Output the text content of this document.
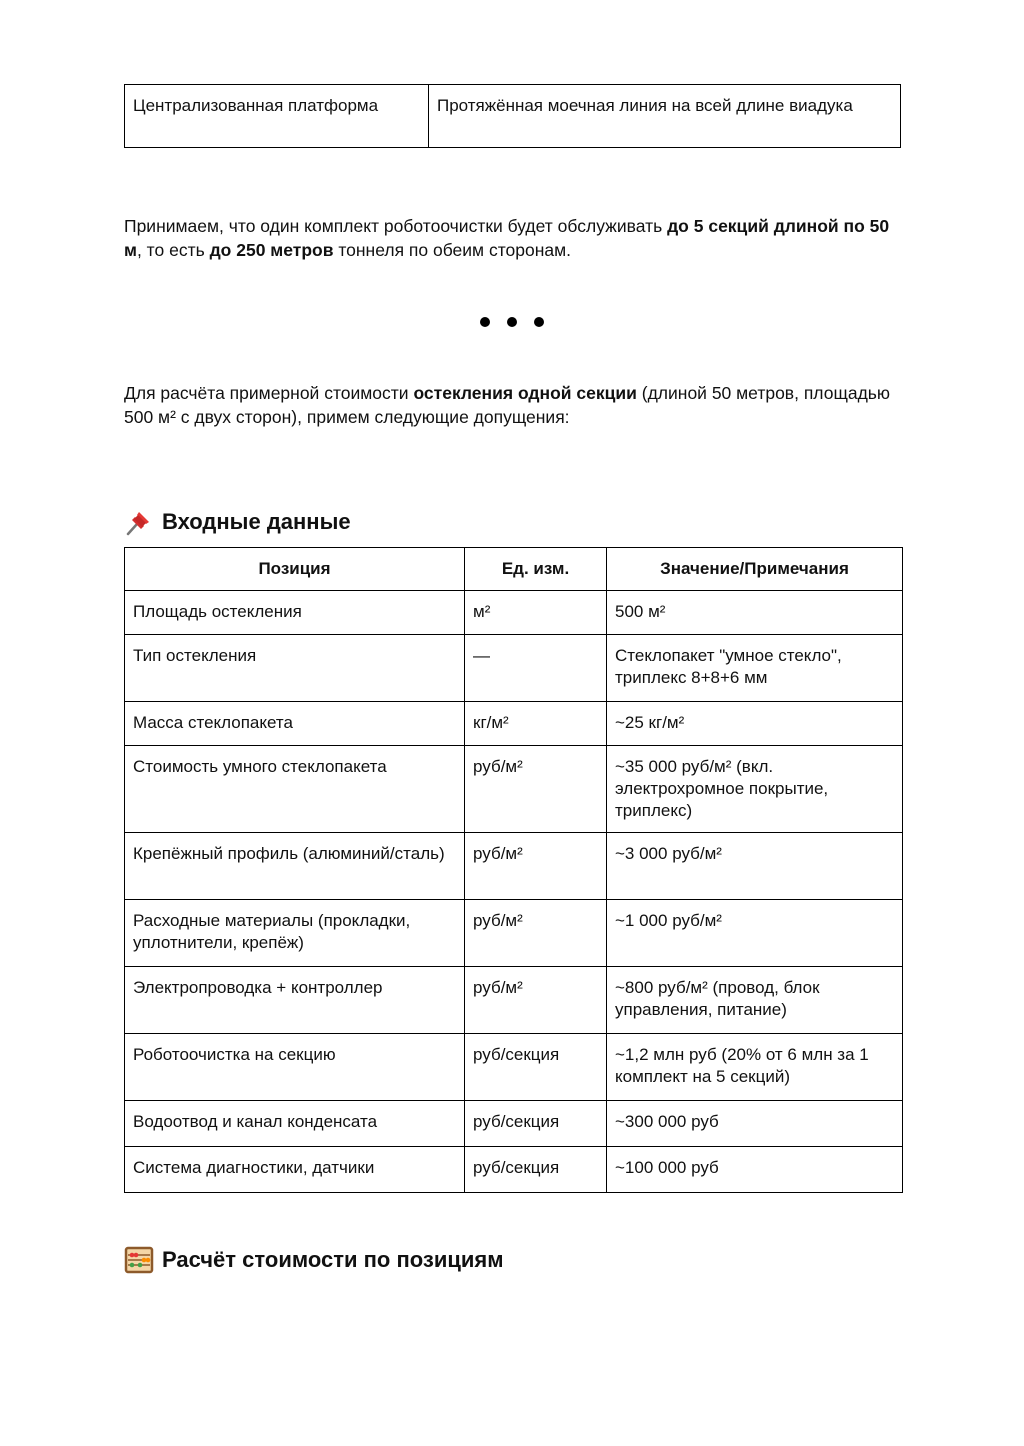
Централизованная платформа	Протяжённая моечная линия на всей длине виадука

Принимаем, что один комплект роботоочистки будет обслуживать до 5 секций длиной по 50 м, то есть до 250 метров тоннеля по обеим сторонам.

Для расчёта примерной стоимости остекления одной секции (длиной 50 метров, площадью 500 м² с двух сторон), примем следующие допущения:

Входные данные
Позиция	Ед. изм.	Значение/Примечания
Площадь остекления	м²	500 м²
Тип остекления	—	Стеклопакет "умное стекло", триплекс 8+8+6 мм
Масса стеклопакета	кг/м²	~25 кг/м²
Стоимость умного стеклопакета	руб/м²	~35 000 руб/м² (вкл. электрохромное покрытие, триплекс)
Крепёжный профиль (алюминий/сталь)	руб/м²	~3 000 руб/м²
Расходные материалы (прокладки, уплотнители, крепёж)	руб/м²	~1 000 руб/м²
Электропроводка + контроллер	руб/м²	~800 руб/м² (провод, блок управления, питание)
Роботоочистка на секцию	руб/секция	~1,2 млн руб (20% от 6 млн за 1 комплект на 5 секций)
Водоотвод и канал конденсата	руб/секция	~300 000 руб
Система диагностики, датчики	руб/секция	~100 000 руб
Расчёт стоимости по позициям
